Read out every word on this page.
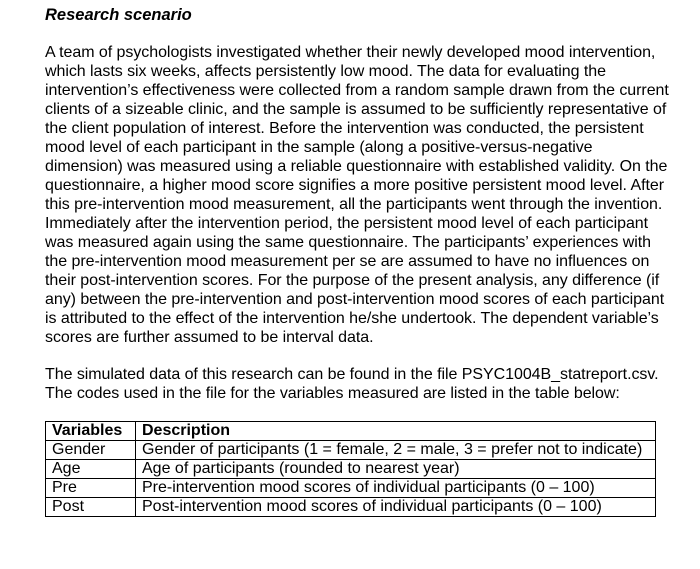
Research scenario

A team of psychologists investigated whether their newly developed mood intervention, which lasts six weeks, affects persistently low mood. The data for evaluating the intervention’s effectiveness were collected from a random sample drawn from the current clients of a sizeable clinic, and the sample is assumed to be sufficiently representative of the client population of interest. Before the intervention was conducted, the persistent mood level of each participant in the sample (along a positive-versus-negative dimension) was measured using a reliable questionnaire with established validity. On the questionnaire, a higher mood score signifies a more positive persistent mood level. After this pre-intervention mood measurement, all the participants went through the invention. Immediately after the intervention period, the persistent mood level of each participant was measured again using the same questionnaire. The participants’ experiences with the pre-intervention mood measurement per se are assumed to have no influences on their post-intervention scores. For the purpose of the present analysis, any difference (if any) between the pre-intervention and post-intervention mood scores of each participant is attributed to the effect of the intervention he/she undertook. The dependent variable’s scores are further assumed to be interval data.

The simulated data of this research can be found in the file PSYC1004B_statreport.csv. The codes used in the file for the variables measured are listed in the table below:

Variables	Description
Gender	Gender of participants (1 = female, 2 = male, 3 = prefer not to indicate)
Age	Age of participants (rounded to nearest year)
Pre	Pre-intervention mood scores of individual participants (0 – 100)
Post	Post-intervention mood scores of individual participants (0 – 100)
